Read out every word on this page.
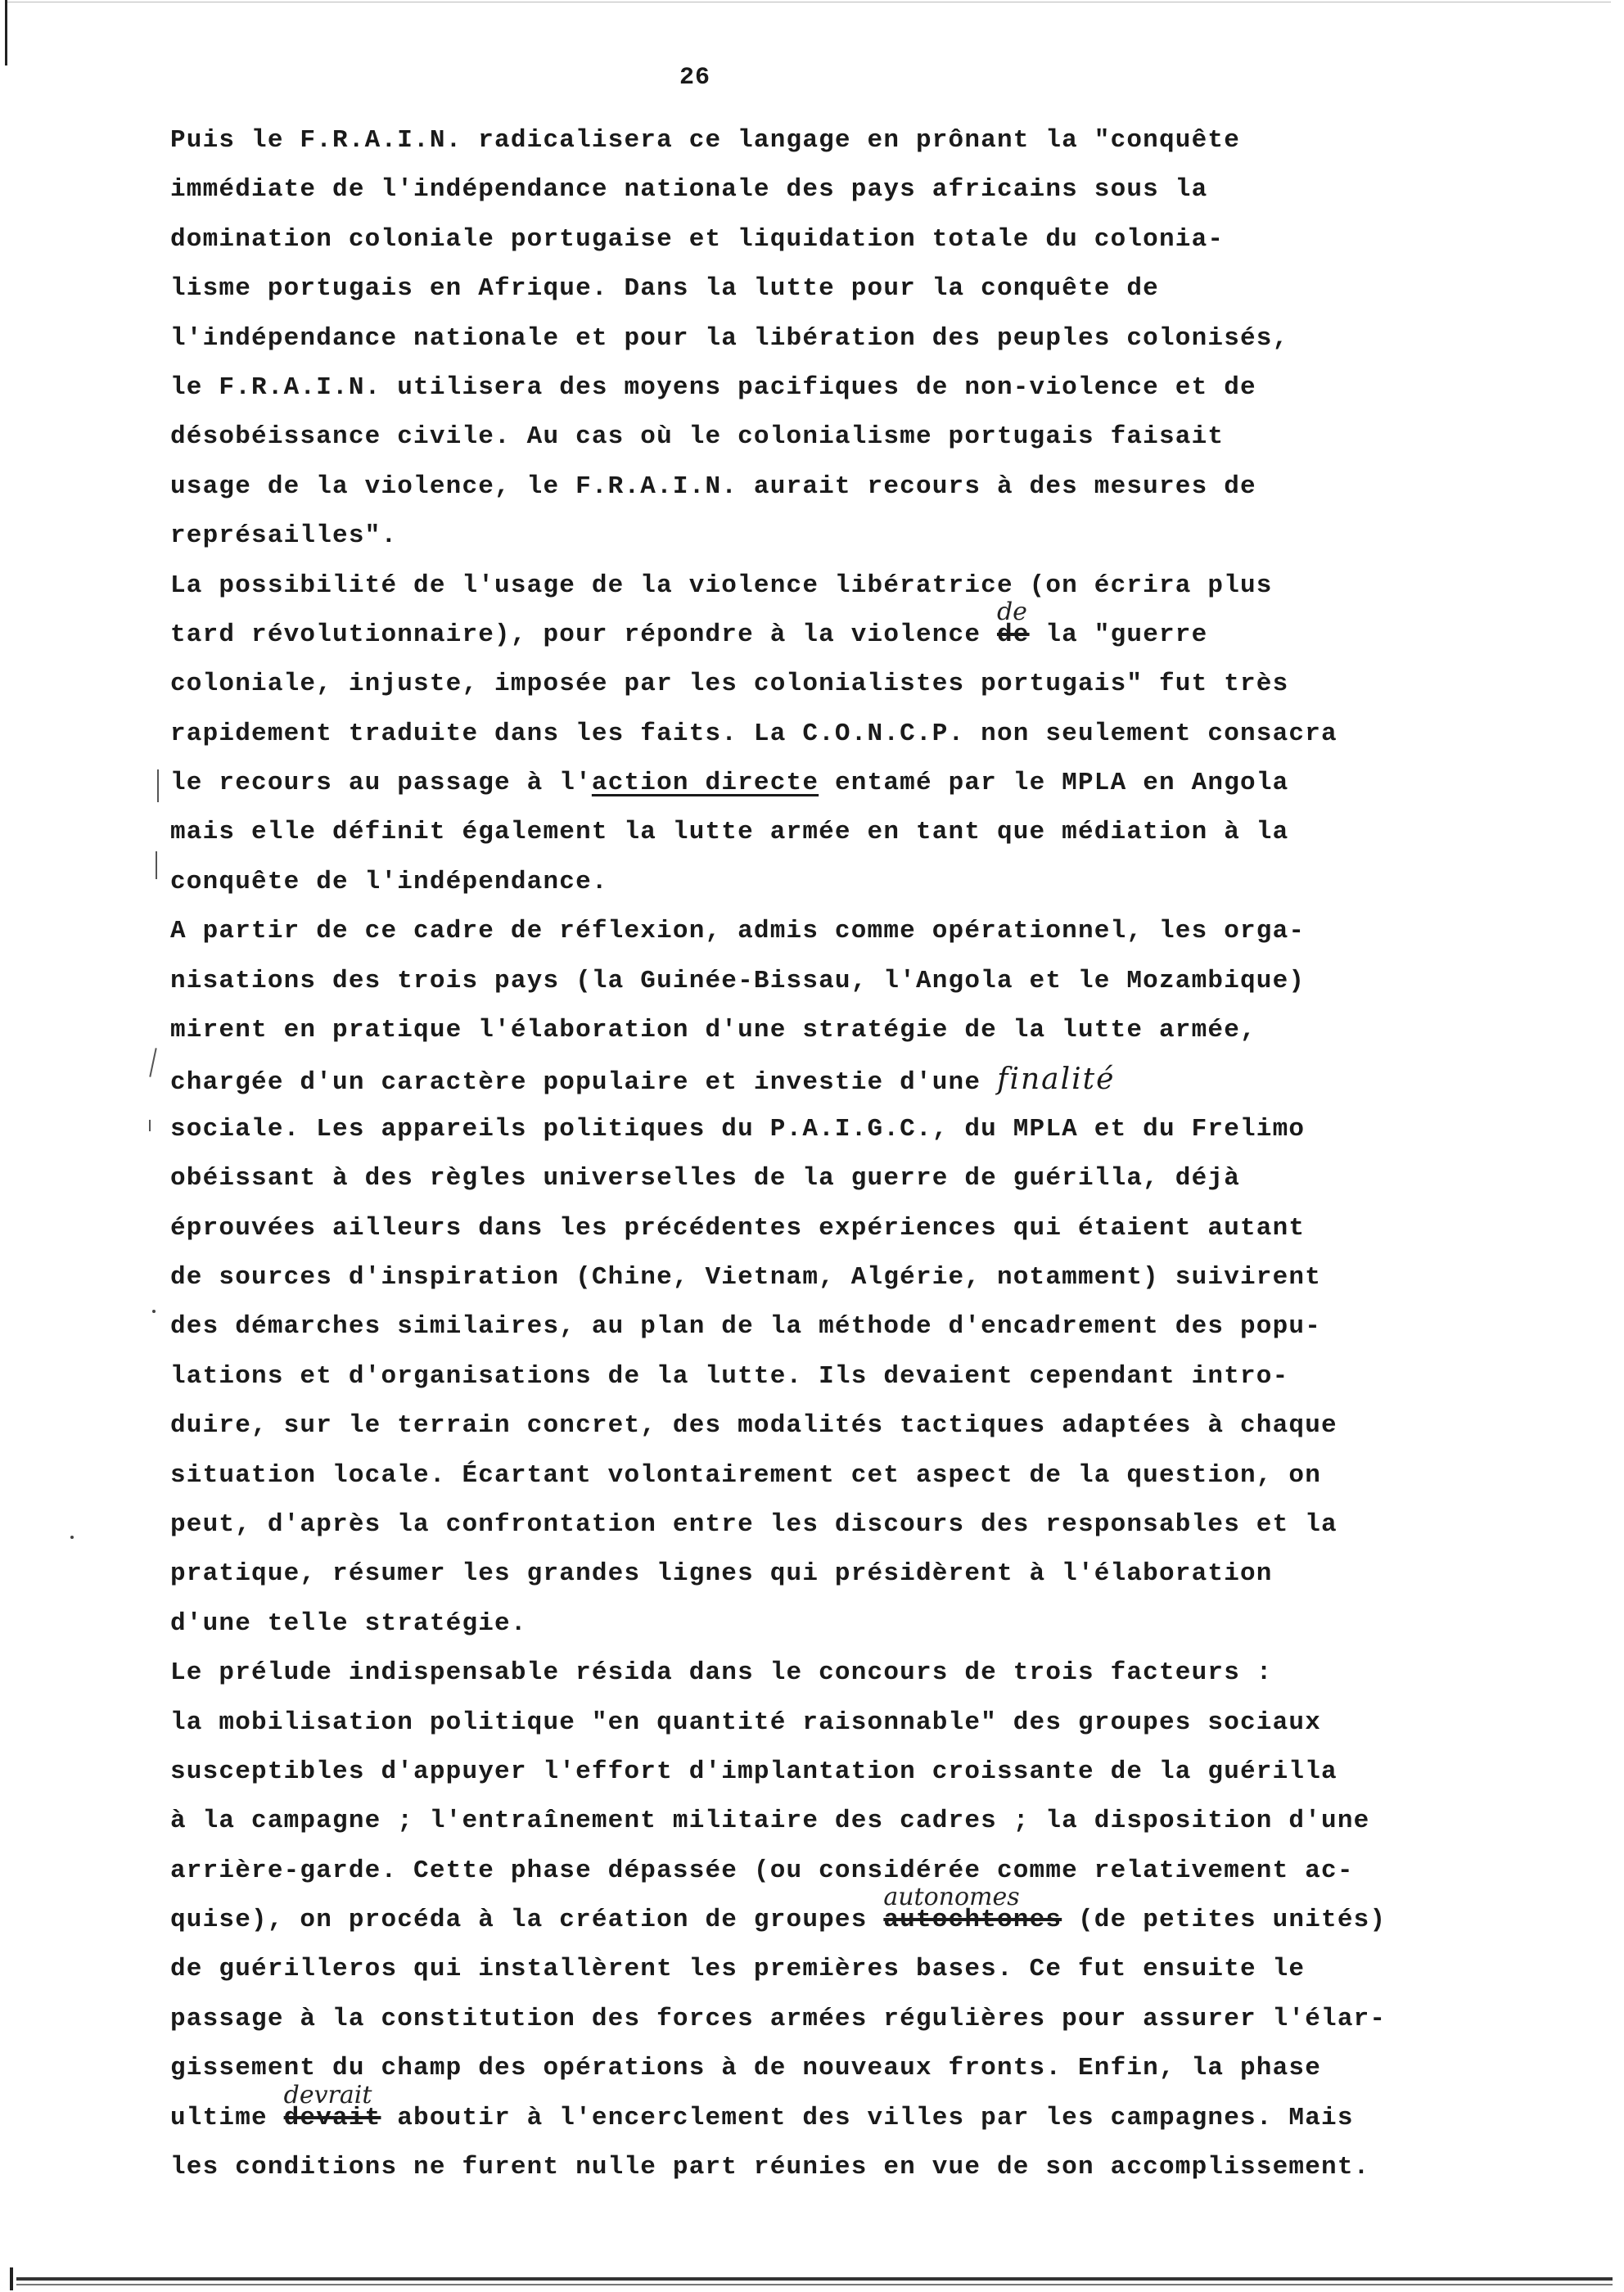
26
Puis le F.R.A.I.N. radicalisera ce langage en prônant la "conquête
immédiate de l'indépendance nationale des pays africains sous la
domination coloniale portugaise et liquidation totale du colonia-
lisme portugais en Afrique. Dans la lutte pour la conquête de
l'indépendance nationale et pour la libération des peuples colonisés,
le F.R.A.I.N. utilisera des moyens pacifiques de non-violence et de
désobéissance civile. Au cas où le colonialisme portugais faisait
usage de la violence, le F.R.A.I.N. aurait recours à des mesures de
représailles".
La possibilité de l'usage de la violence libératrice (on écrira plus
tard révolutionnaire), pour répondre à la violence de
de
la "guerre
coloniale, injuste, imposée par les colonialistes portugais" fut très
rapidement traduite dans les faits. La C.O.N.C.P. non seulement consacra
le recours au passage à l'action directe entamé par le MPLA en Angola
mais elle définit également la lutte armée en tant que médiation à la
conquête de l'indépendance.
A partir de ce cadre de réflexion, admis comme opérationnel, les orga-
nisations des trois pays (la Guinée-Bissau, l'Angola et le Mozambique)
mirent en pratique l'élaboration d'une stratégie de la lutte armée,
chargée d'un caractère populaire et investie d'une finalité
sociale. Les appareils politiques du P.A.I.G.C., du MPLA et du Frelimo
obéissant à des règles universelles de la guerre de guérilla, déjà
éprouvées ailleurs dans les précédentes expériences qui étaient autant
de sources d'inspiration (Chine, Vietnam, Algérie, notamment) suivirent
des démarches similaires, au plan de la méthode d'encadrement des popu-
lations et d'organisations de la lutte. Ils devaient cependant intro-
duire, sur le terrain concret, des modalités tactiques adaptées à chaque
situation locale. Écartant volontairement cet aspect de la question, on
peut, d'après la confrontation entre les discours des responsables et la
pratique, résumer les grandes lignes qui présidèrent à l'élaboration
d'une telle stratégie.
Le prélude indispensable résida dans le concours de trois facteurs :
la mobilisation politique "en quantité raisonnable" des groupes sociaux
susceptibles d'appuyer l'effort d'implantation croissante de la guérilla
à la campagne ; l'entraînement militaire des cadres ; la disposition d'une
arrière-garde. Cette phase dépassée (ou considérée comme relativement ac-
quise), on procéda à la création de groupes autochtones
autonomes
(de petites unités)
de guérilleros qui installèrent les premières bases. Ce fut ensuite le
passage à la constitution des forces armées régulières pour assurer l'élar-
gissement du champ des opérations à de nouveaux fronts. Enfin, la phase
ultime devait
devrait
aboutir à l'encerclement des villes par les campagnes. Mais
les conditions ne furent nulle part réunies en vue de son accomplissement.
